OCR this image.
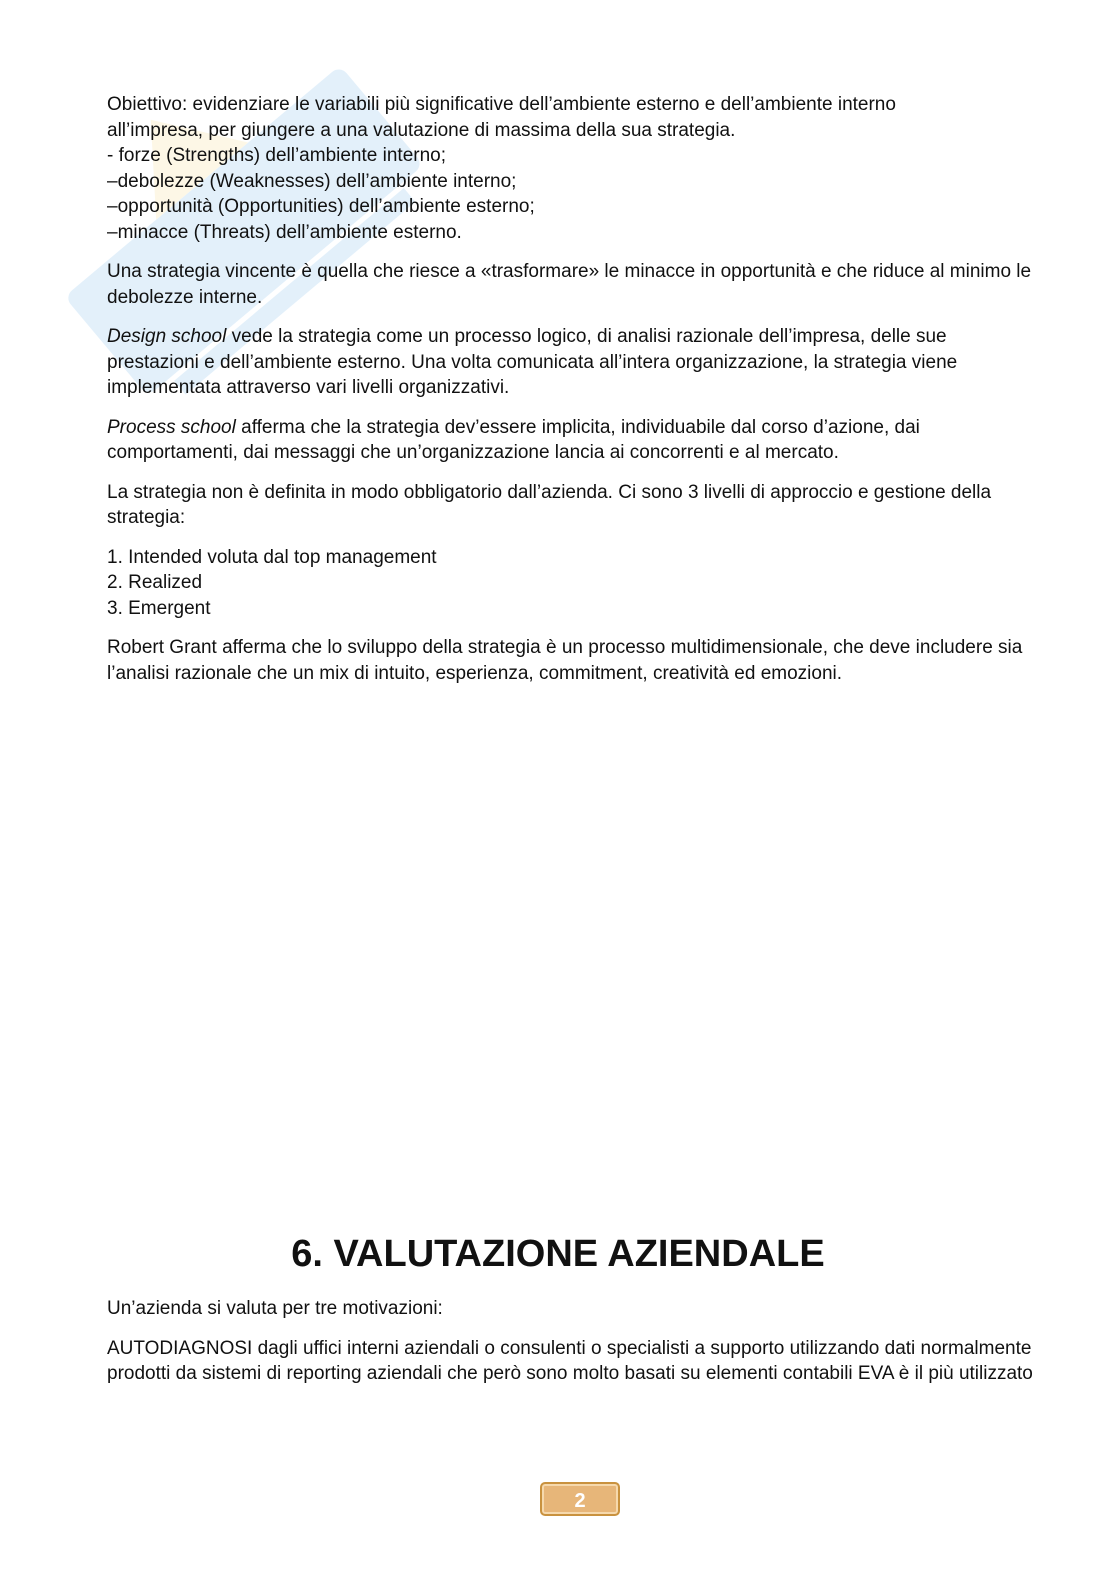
Obiettivo: evidenziare le variabili più significative dell’ambiente esterno e dell’ambiente interno
all’impresa, per giungere a una valutazione di massima della sua strategia.
- forze (Strengths) dell’ambiente interno;
–debolezze (Weaknesses) dell’ambiente interno;
–opportunità (Opportunities) dell’ambiente esterno;
–minacce (Threats) dell’ambiente esterno.

Una strategia vincente è quella che riesce a «trasformare» le minacce in opportunità e che riduce al minimo le debolezze interne.

Design school vede la strategia come un processo logico, di analisi razionale dell’impresa, delle sue prestazioni e dell’ambiente esterno. Una volta comunicata all’intera organizzazione, la strategia viene implementata attraverso vari livelli organizzativi.

Process school afferma che la strategia dev’essere implicita, individuabile dal corso d’azione, dai comportamenti, dai messaggi che un’organizzazione lancia ai concorrenti e al mercato.

La strategia non è definita in modo obbligatorio dall’azienda. Ci sono 3 livelli di approccio e gestione della strategia:

1. Intended voluta dal top management
2. Realized
3. Emergent

Robert Grant afferma che lo sviluppo della strategia è un processo multidimensionale, che deve includere sia l’analisi razionale che un mix di intuito, esperienza, commitment, creatività ed emozioni.

6. VALUTAZIONE AZIENDALE

Un’azienda si valuta per tre motivazioni:

AUTODIAGNOSI dagli uffici interni aziendali o consulenti o specialisti a supporto utilizzando dati normalmente prodotti da sistemi di reporting aziendali che però sono molto basati su elementi contabili EVA è il più utilizzato

2
